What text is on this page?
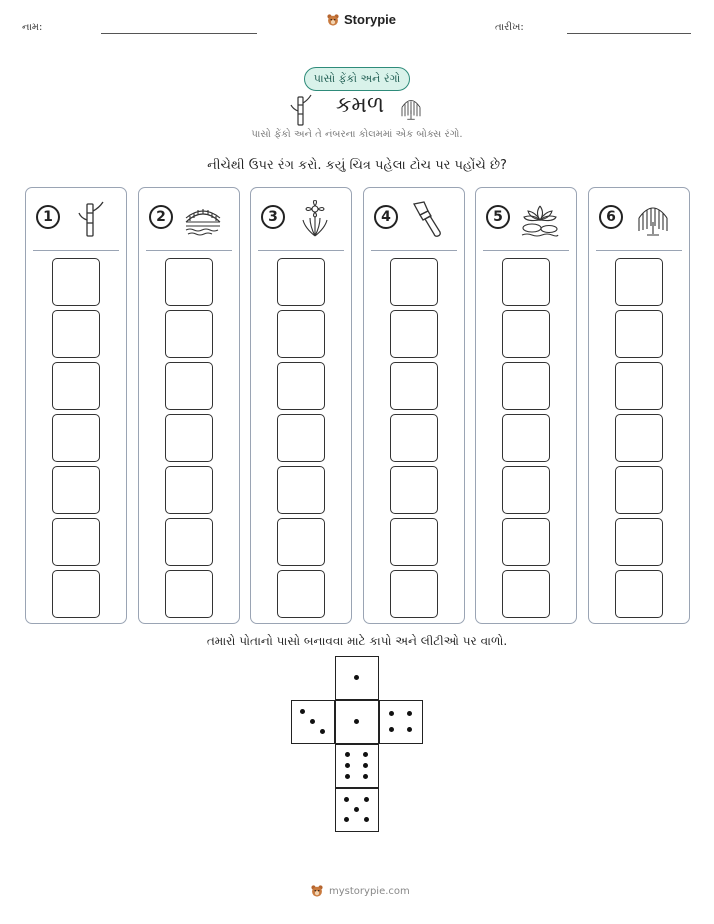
નામ:
Storypie
તારીખ:
પાસો ફેંકો અને રંગો
કમળ
પાસો ફેંકો અને તે નંબરના કોલમમાં એક બોક્સ રંગો.
નીચેથી ઉપર રંગ કરો. કયું ચિત્ર પહેલા ટોચ પર પહોંચે છે?
1	2	3	4	5	6
તમારો પોતાનો પાસો બનાવવા માટે કાપો અને લીટીઓ પર વાળો.
mystorypie.com
